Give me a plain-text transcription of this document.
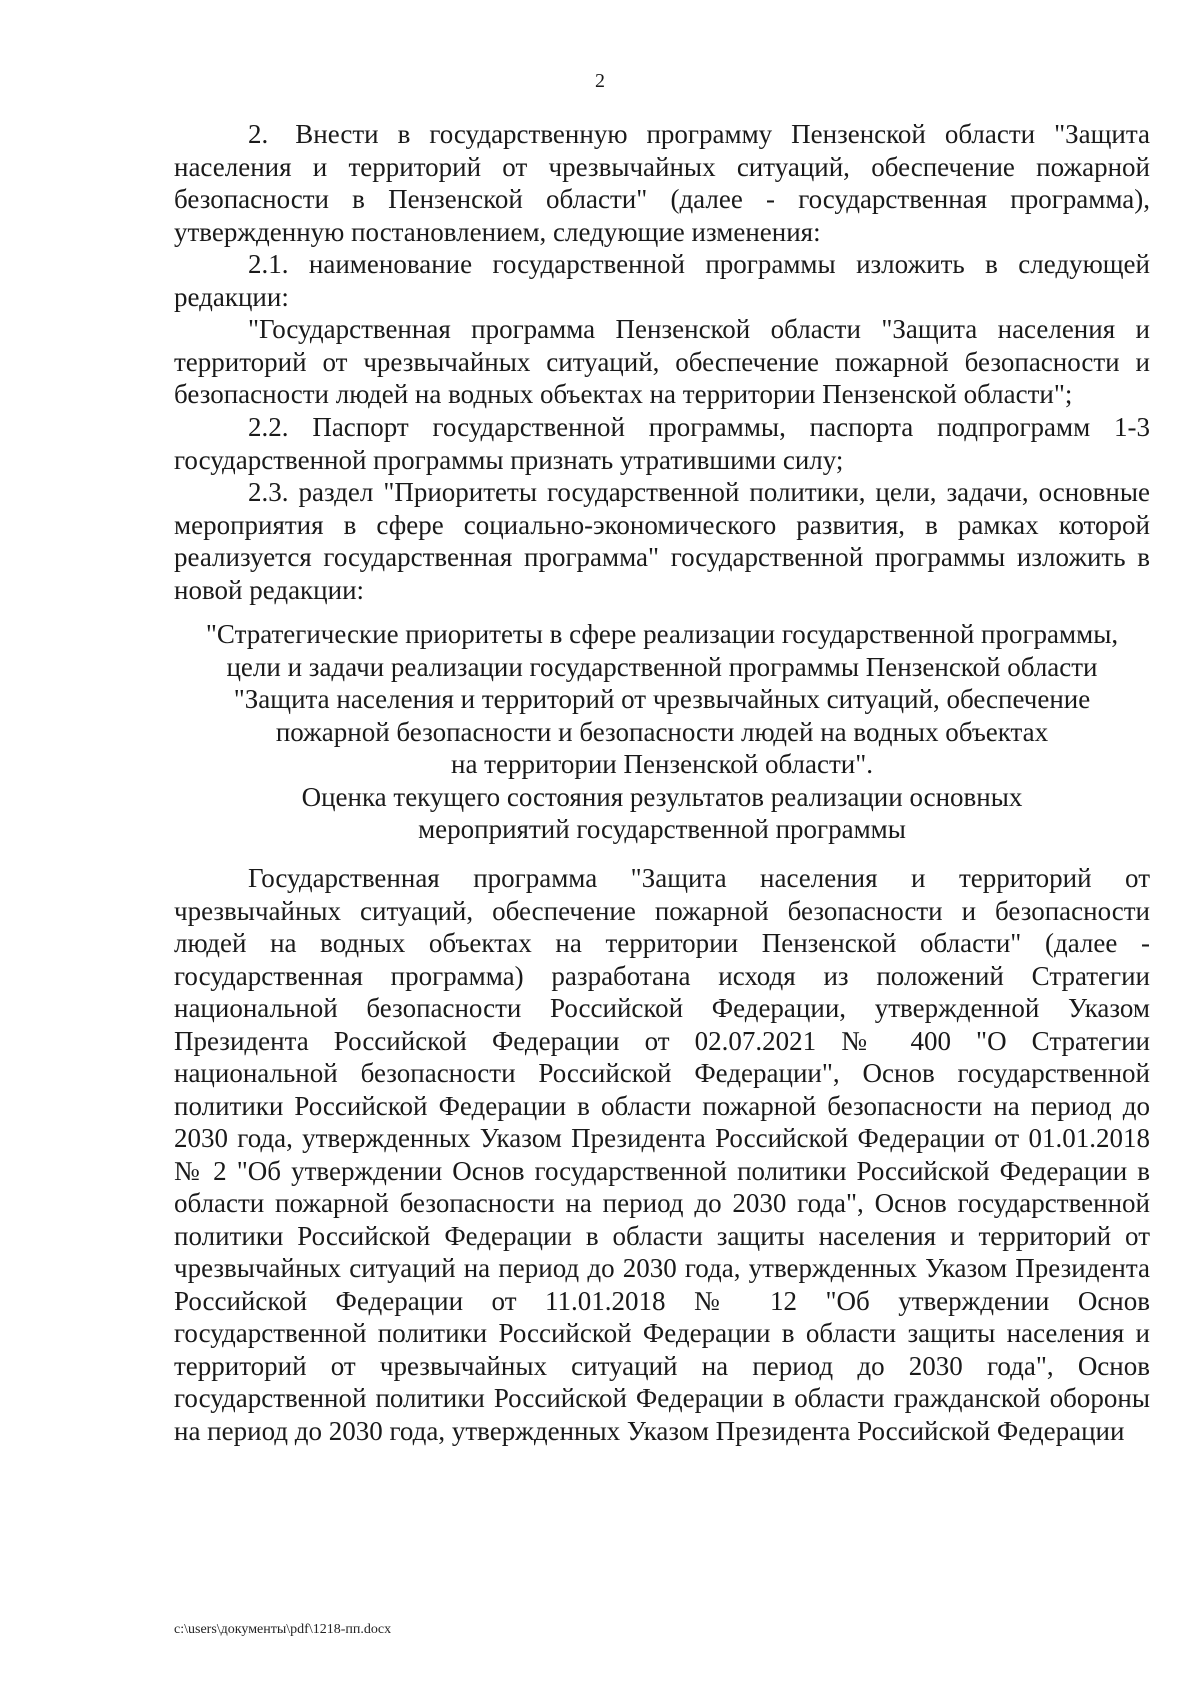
2

2. Внести в государственную программу Пензенской области "Защита населения и территорий от чрезвычайных ситуаций, обеспечение пожарной безопасности в Пензенской области" (далее - государственная программа), утвержденную постановлением, следующие изменения:

2.1. наименование государственной программы изложить в следующей редакции:

"Государственная программа Пензенской области "Защита населения и территорий от чрезвычайных ситуаций, обеспечение пожарной безопасности и безопасности людей на водных объектах на территории Пензенской области";

2.2. Паспорт государственной программы, паспорта подпрограмм 1-3 государственной программы признать утратившими силу;

2.3. раздел "Приоритеты государственной политики, цели, задачи, основные мероприятия в сфере социально-экономического развития, в рамках которой реализуется государственная программа" государственной программы изложить в новой редакции:

"Стратегические приоритеты в сфере реализации государственной программы,
цели и задачи реализации государственной программы Пензенской области
"Защита населения и территорий от чрезвычайных ситуаций, обеспечение
пожарной безопасности и безопасности людей на водных объектах
на территории Пензенской области".
Оценка текущего состояния результатов реализации основных
мероприятий государственной программы

Государственная программа "Защита населения и территорий от чрезвычайных ситуаций, обеспечение пожарной безопасности и безопасности людей на водных объектах на территории Пензенской области" (далее - государственная программа) разработана исходя из положений Стратегии национальной безопасности Российской Федерации, утвержденной Указом Президента Российской Федерации от 02.07.2021 № 400 "О Стратегии национальной безопасности Российской Федерации", Основ государственной политики Российской Федерации в области пожарной безопасности на период до 2030 года, утвержденных Указом Президента Российской Федерации от 01.01.2018 № 2 "Об утверждении Основ государственной политики Российской Федерации в области пожарной безопасности на период до 2030 года", Основ государственной политики Российской Федерации в области защиты населения и территорий от чрезвычайных ситуаций на период до 2030 года, утвержденных Указом Президента Российской Федерации от 11.01.2018 № 12 "Об утверждении Основ государственной политики Российской Федерации в области защиты населения и территорий от чрезвычайных ситуаций на период до 2030 года", Основ государственной политики Российской Федерации в области гражданской обороны на период до 2030 года, утвержденных Указом Президента Российской Федерации

c:\users\документы\pdf\1218-пп.docx
